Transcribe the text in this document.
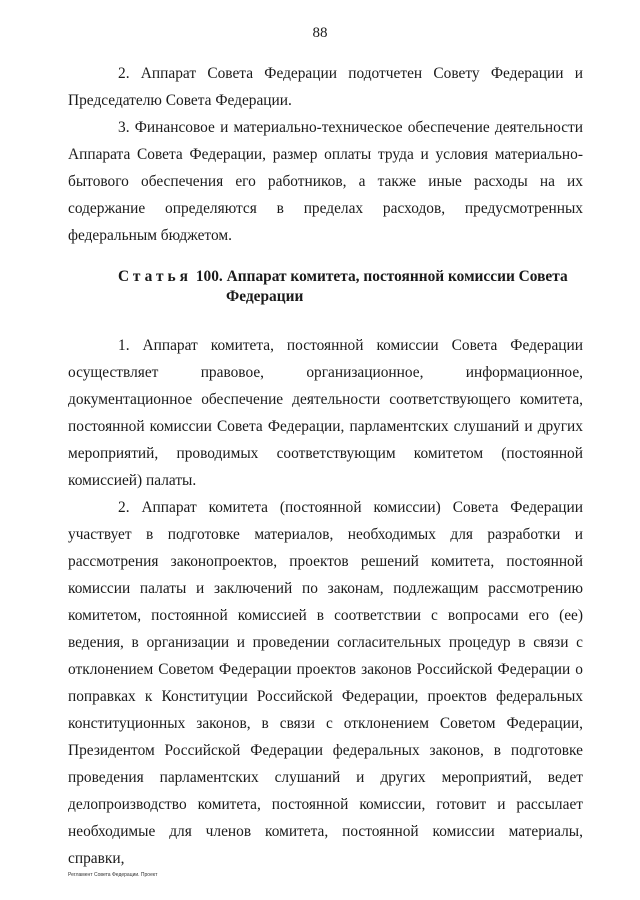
88

2. Аппарат Совета Федерации подотчетен Совету Федерации и Председателю Совета Федерации.

3. Финансовое и материально-техническое обеспечение деятельности Аппарата Совета Федерации, размер оплаты труда и условия материально-бытового обеспечения его работников, а также иные расходы на их содержание определяются в пределах расходов, предусмотренных федеральным бюджетом.

Статья 100. Аппарат комитета, постоянной комиссии Совета
Федерации

1. Аппарат комитета, постоянной комиссии Совета Федерации осуществляет правовое, организационное, информационное, документационное обеспечение деятельности соответствующего комитета, постоянной комиссии Совета Федерации, парламентских слушаний и других мероприятий, проводимых соответствующим комитетом (постоянной комиссией) палаты.

2. Аппарат комитета (постоянной комиссии) Совета Федерации участвует в подготовке материалов, необходимых для разработки и рассмотрения законопроектов, проектов решений комитета, постоянной комиссии палаты и заключений по законам, подлежащим рассмотрению комитетом, постоянной комиссией в соответствии с вопросами его (ее) ведения, в организации и проведении согласительных процедур в связи с отклонением Советом Федерации проектов законов Российской Федерации о поправках к Конституции Российской Федерации, проектов федеральных конституционных законов, в связи с отклонением Советом Федерации, Президентом Российской Федерации федеральных законов, в подготовке проведения парламентских слушаний и других мероприятий, ведет делопроизводство комитета, постоянной комиссии, готовит и рассылает необходимые для членов комитета, постоянной комиссии материалы, справки,

Регламент Совета Федерации. Проект
